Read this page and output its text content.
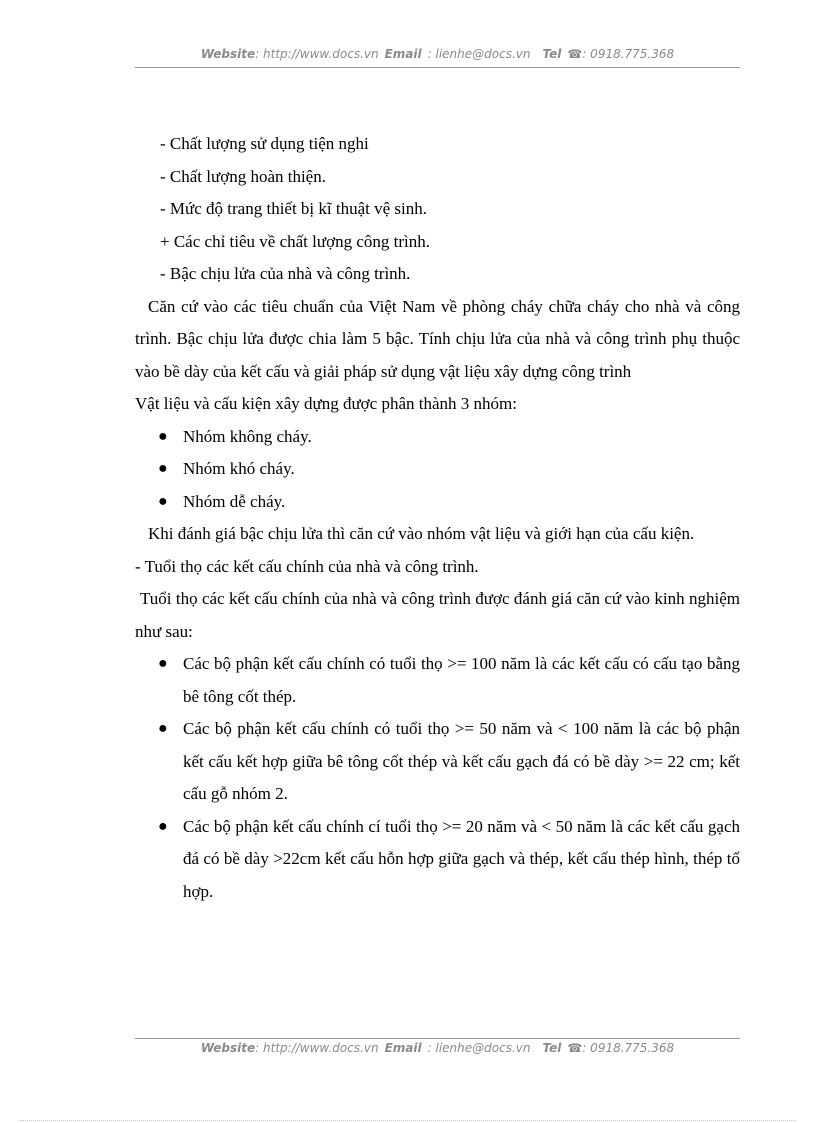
Website: http://www.docs.vn Email : lienhe@docs.vn Tel ☎: 0918.775.368
- Chất lượng sử dụng tiện nghi
- Chất lượng hoàn thiện.
- Mức độ trang thiết bị kĩ thuật vệ sinh.
+ Các chỉ tiêu về chất lượng công trình.
- Bậc chịu lửa của nhà và công trình.
Căn cứ vào các tiêu chuẩn của Việt Nam về phòng cháy chữa cháy cho nhà và công trình. Bậc chịu lửa được chia làm 5 bậc. Tính chịu lửa của nhà và công trình phụ thuộc vào bề dày của kết cấu và giải pháp sử dụng vật liệu xây dựng công trình
Vật liệu và cấu kiện xây dựng được phân thành 3 nhóm:
● Nhóm không cháy.
● Nhóm khó cháy.
● Nhóm dễ cháy.
Khi đánh giá bậc chịu lửa thì căn cứ vào nhóm vật liệu và giới hạn của cấu kiện.
- Tuổi thọ các kết cấu chính của nhà và công trình.
Tuổi thọ các kết cấu chính của nhà và công trình được đánh giá căn cứ vào kinh nghiệm như sau:
● Các bộ phận kết cấu chính có tuổi thọ >= 100 năm là các kết cấu có cấu tạo bằng bê tông cốt thép.
● Các bộ phận kết cấu chính có tuổi thọ >= 50 năm và < 100 năm là các bộ phận kết cấu kết hợp giữa bê tông cốt thép và kết cấu gạch đá có bề dày >= 22 cm; kết cấu gỗ nhóm 2.
● Các bộ phận kết cấu chính cí tuổi thọ >= 20 năm và < 50 năm là các kết cấu gạch đá có bề dày >22cm kết cấu hỗn hợp giữa gạch và thép, kết cấu thép hình, thép tổ hợp.
Website: http://www.docs.vn Email : lienhe@docs.vn Tel ☎: 0918.775.368
